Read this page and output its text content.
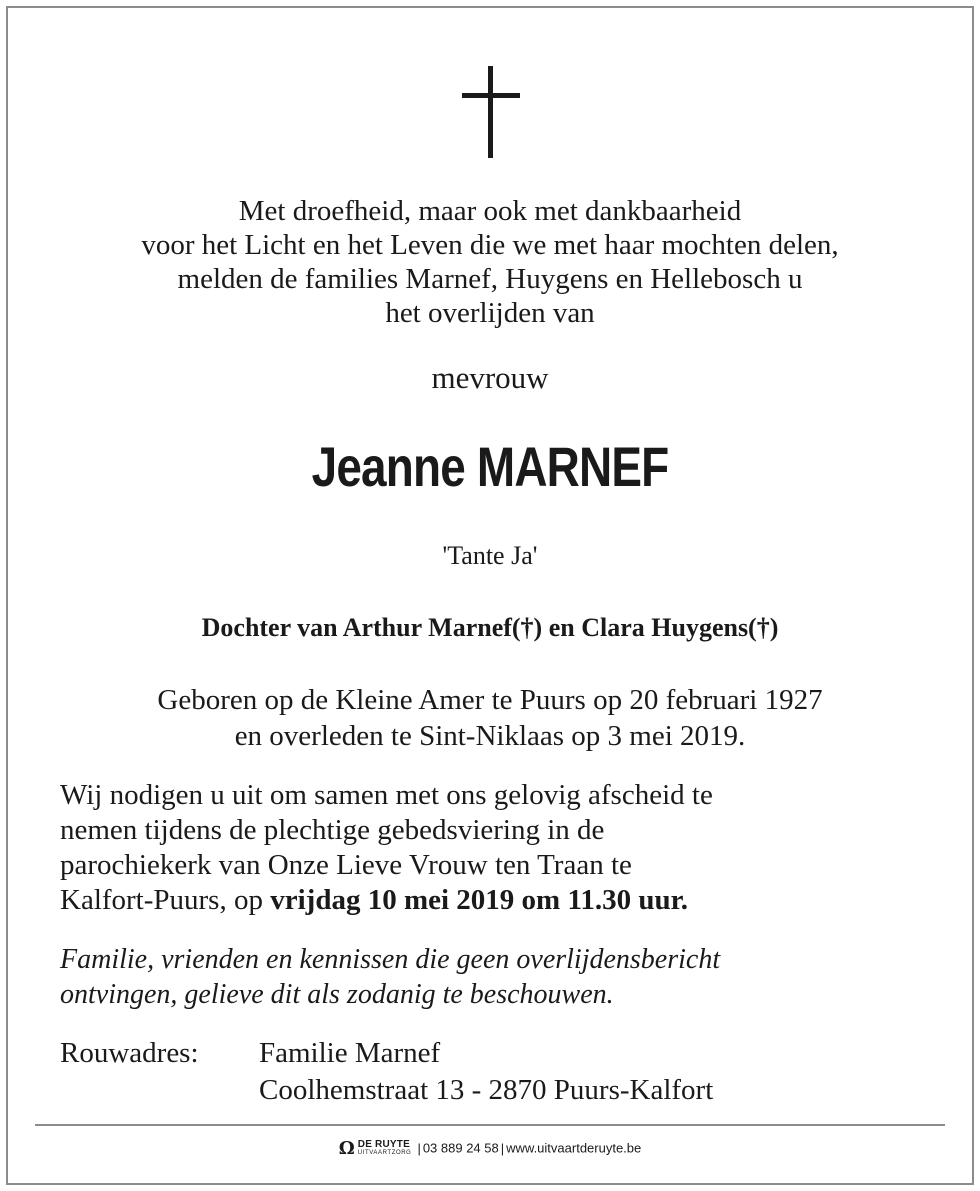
Met droefheid, maar ook met dankbaarheid
voor het Licht en het Leven die we met haar mochten delen,
melden de families Marnef, Huygens en Hellebosch u
het overlijden van
mevrouw
Jeanne MARNEF
'Tante Ja'
Dochter van Arthur Marnef(†) en Clara Huygens(†)
Geboren op de Kleine Amer te Puurs op 20 februari 1927
en overleden te Sint-Niklaas op 3 mei 2019.
Wij nodigen u uit om samen met ons gelovig afscheid te
nemen tijdens de plechtige gebedsviering in de
parochiekerk van Onze Lieve Vrouw ten Traan te
Kalfort-Puurs, op vrijdag 10 mei 2019 om 11.30 uur.
Familie, vrienden en kennissen die geen overlijdensbericht
ontvingen, gelieve dit als zodanig te beschouwen.
Rouwadres: Familie Marnef
Coolhemstraat 13 - 2870 Puurs-Kalfort
Ω DE RUYTE
UITVAARTZORG | 03 889 24 58 | www.uitvaartderuyte.be
